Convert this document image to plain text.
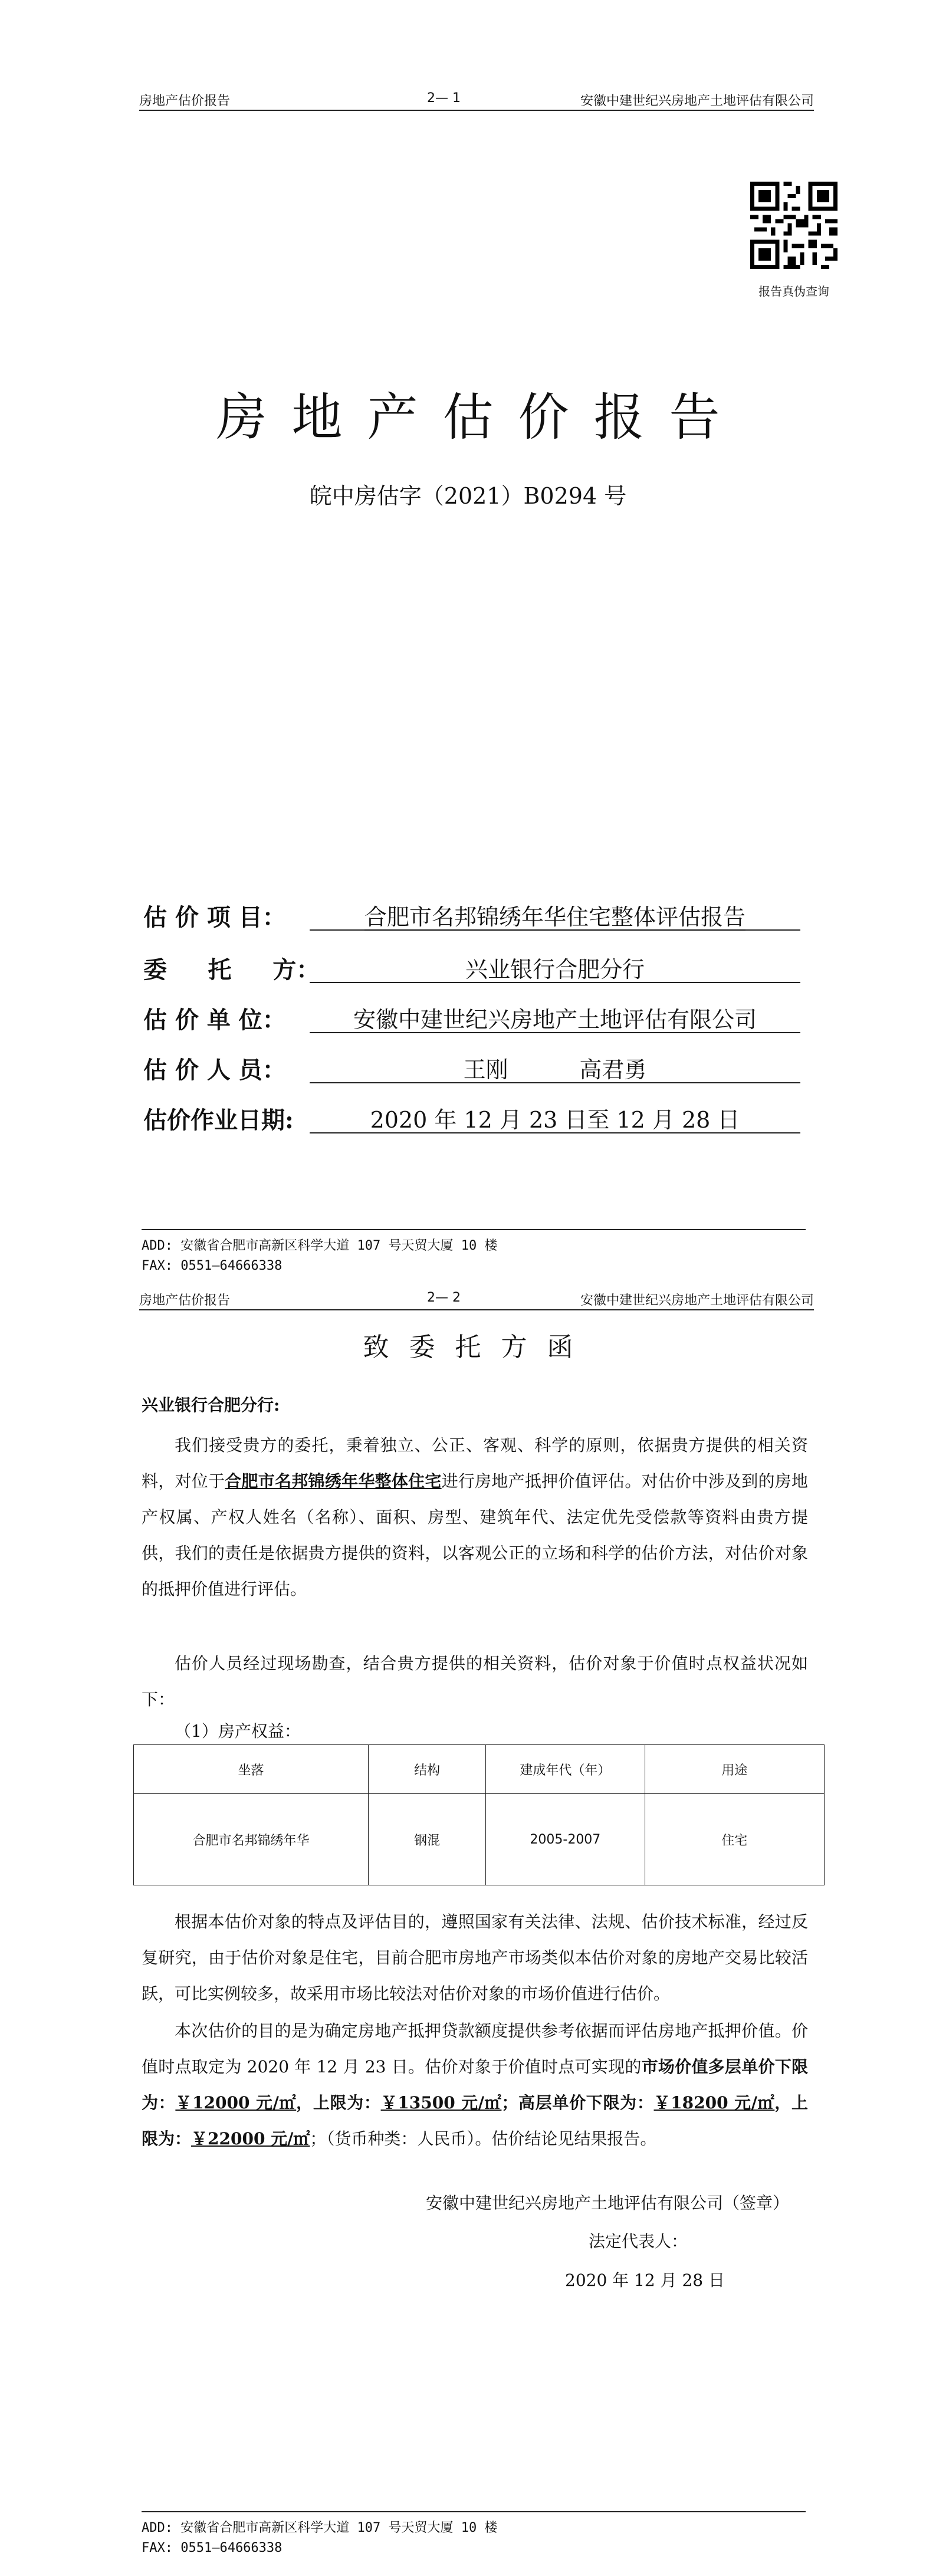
房地产估价报告	2— 1	安徽中建世纪兴房地产土地评估有限公司
报告真伪查询
房地产估价报告
皖中房估字（2021）B0294 号
估 价 项 目：	合肥市名邦锦绣年华住宅整体评估报告
委     托     方：	兴业银行合肥分行
估 价 单 位：	安徽中建世纪兴房地产土地评估有限公司
估 价 人 员：	王刚          高君勇
估价作业日期:	2020 年 12 月 23 日至 12 月 28 日
ADD: 安徽省合肥市高新区科学大道 107 号天贸大厦 10 楼
FAX: 0551—64666338
房地产估价报告	2— 2	安徽中建世纪兴房地产土地评估有限公司
致委托方函
兴业银行合肥分行:
我们接受贵方的委托，秉着独立、公正、客观、科学的原则，依据贵方提供的相关资料，对位于合肥市名邦锦绣年华整体住宅进行房地产抵押价值评估。对估价中涉及到的房地产权属、产权人姓名（名称）、面积、房型、建筑年代、法定优先受偿款等资料由贵方提供，我们的责任是依据贵方提供的资料，以客观公正的立场和科学的估价方法，对估价对象的抵押价值进行评估。
估价人员经过现场勘查，结合贵方提供的相关资料，估价对象于价值时点权益状况如下：
（1）房产权益：
坐落	结构	建成年代（年）	用途
合肥市名邦锦绣年华	钢混	2005-2007	住宅
根据本估价对象的特点及评估目的，遵照国家有关法律、法规、估价技术标准，经过反复研究，由于估价对象是住宅，目前合肥市房地产市场类似本估价对象的房地产交易比较活跃，可比实例较多，故采用市场比较法对估价对象的市场价值进行估价。
本次估价的目的是为确定房地产抵押贷款额度提供参考依据而评估房地产抵押价值。价值时点取定为 2020 年 12 月 23 日。估价对象于价值时点可实现的市场价值多层单价下限为：￥12000 元/㎡，上限为：￥13500 元/㎡；高层单价下限为：￥18200 元/㎡，上限为：￥22000 元/㎡；（货币种类：人民币）。估价结论见结果报告。
安徽中建世纪兴房地产土地评估有限公司（签章）
法定代表人：
2020 年 12 月 28 日
ADD: 安徽省合肥市高新区科学大道 107 号天贸大厦 10 楼
FAX: 0551—64666338
